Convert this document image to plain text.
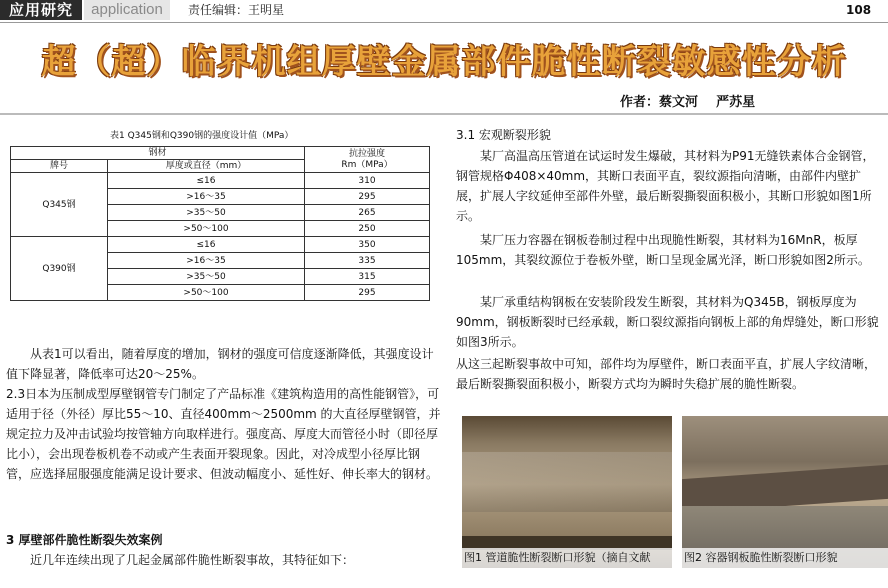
应用研究	application	责任编辑：王明星	108
超（超）临界机组厚壁金属部件脆性断裂敏感性分析
作者：蔡文河    严苏星
表1 Q345钢和Q390钢的强度设计值（MPa）
钢材		抗拉强度
Rm（MPa）

牌号	厚度或直径（mm）	
Q345钢	≤16	310
	>16～35	295
	>35～50	265
	>50～100	250
Q390钢	≤16	350
	>16～35	335
	>35～50	315
	>50～100	295
从表1可以看出，随着厚度的增加，钢材的强度可信度逐渐降低，其强度设计值下降显著，降低率可达20～25%。
2.3日本为压制成型厚壁钢管专门制定了产品标准《建筑构造用的高性能钢管》，可适用于径（外径）厚比55～10、直径400mm～2500mm 的大直径厚壁钢管，并规定拉力及冲击试验均按管轴方向取样进行。强度高、厚度大而管径小时（即径厚比小），会出现卷板机卷不动或产生表面开裂现象。因此，对冷成型小径厚比钢管，应选择屈服强度能满足设计要求、但波动幅度小、延性好、伸长率大的钢材。
3 厚壁部件脆性断裂失效案例
近几年连续出现了几起金属部件脆性断裂事故，其特征如下：
3.1 宏观断裂形貌
某厂高温高压管道在试运时发生爆破，其材料为P91无缝铁素体合金钢管，钢管规格Φ408×40mm，其断口表面平直，裂纹源指向清晰，由部件内壁扩展，扩展人字纹延伸至部件外壁，最后断裂撕裂面积极小，其断口形貌如图1所示。
某厂压力容器在钢板卷制过程中出现脆性断裂，其材料为16MnR，板厚105mm，其裂纹源位于卷板外壁，断口呈现金属光泽，断口形貌如图2所示。
某厂承重结构钢板在安装阶段发生断裂，其材料为Q345B，钢板厚度为90mm，钢板断裂时已经承载，断口裂纹源指向钢板上部的角焊缝处，断口形貌如图3所示。
从这三起断裂事故中可知，部件均为厚壁件，断口表面平直，扩展人字纹清晰，最后断裂撕裂面积极小，断裂方式均为瞬时失稳扩展的脆性断裂。
图1 管道脆性断裂断口形貌（摘自文献	图2 容器钢板脆性断裂断口形貌
